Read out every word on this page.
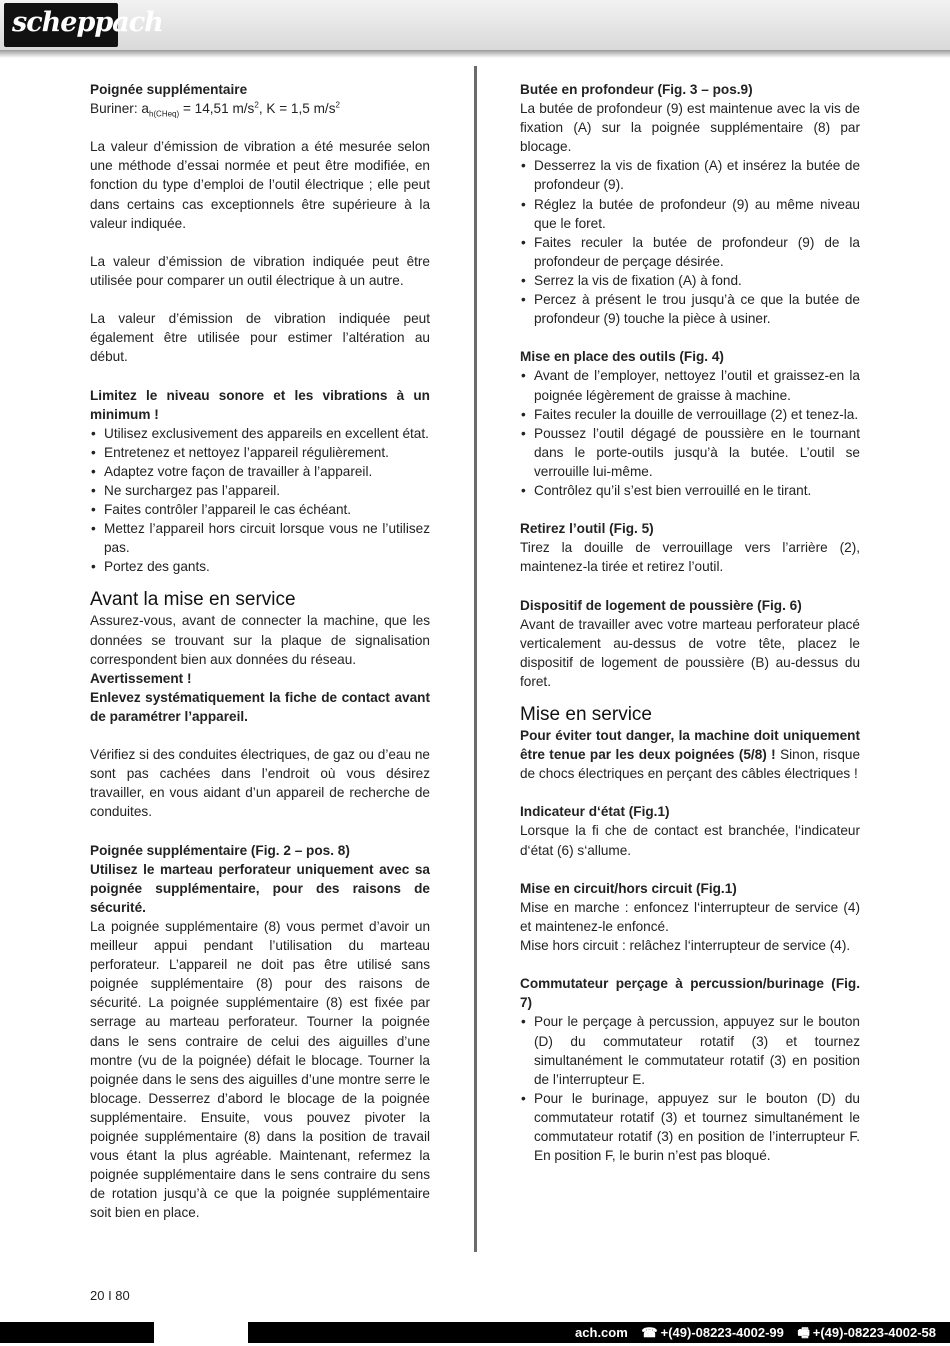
scheppach

Poignée supplémentaire

Buriner: $a_{h(CHeq)} = 14,51$ $m/s^2$, K = 1,5 $m/s^2$

La valeur d’émission de vibration a été mesurée selon une méthode d’essai normée et peut être modifiée, en fonction du type d’emploi de l’outil électrique ; elle peut dans certains cas exceptionnels être supérieure à la valeur indiquée.

La valeur d’émission de vibration indiquée peut être utilisée pour comparer un outil électrique à un autre.

La valeur d’émission de vibration indiquée peut également être utilisée pour estimer l’altération au début.

Limitez le niveau sonore et les vibrations à un minimum !

• Utilisez exclusivement des appareils en excellent état.
• Entretenez et nettoyez l’appareil régulièrement.
• Adaptez votre façon de travailler à l’appareil.
• Ne surchargez pas l’appareil.
• Faites contrôler l’appareil le cas échéant.
• Mettez l’appareil hors circuit lorsque vous ne l’utilisez pas.
• Portez des gants.

Avant la mise en service

Assurez-vous, avant de connecter la machine, que les données se trouvant sur la plaque de signalisation correspondent bien aux données du réseau.

Avertissement !

Enlevez systématiquement la fiche de contact avant de paramétrer l’appareil.

Vérifiez si des conduites électriques, de gaz ou d’eau ne sont pas cachées dans l’endroit où vous désirez travailler, en vous aidant d’un appareil de recherche de conduites.

Poignée supplémentaire (Fig. 2 – pos. 8)

Utilisez le marteau perforateur uniquement avec sa poignée supplémentaire, pour des raisons de sécurité.

La poignée supplémentaire (8) vous permet d’avoir un meilleur appui pendant l’utilisation du marteau perforateur. L’appareil ne doit pas être utilisé sans poignée supplémentaire (8) pour des raisons de sécurité. La poignée supplémentaire (8) est fixée par serrage au marteau perforateur. Tourner la poignée dans le sens contraire de celui des aiguilles d’une montre (vu de la poignée) défait le blocage. Tourner la poignée dans le sens des aiguilles d’une montre serre le blocage. Desserrez d’abord le blocage de la poignée supplémentaire. Ensuite, vous pouvez pivoter la poignée supplémentaire (8) dans la position de travail vous étant la plus agréable. Maintenant, refermez la poignée supplémentaire dans le sens contraire du sens de rotation jusqu’à ce que la poignée supplémentaire soit bien en place.

Butée en profondeur (Fig. 3 – pos.9)

La butée de profondeur (9) est maintenue avec la vis de fixation (A) sur la poignée supplémentaire (8) par blocage.

• Desserrez la vis de fixation (A) et insérez la butée de profondeur (9).
• Réglez la butée de profondeur (9) au même niveau que le foret.
• Faites reculer la butée de profondeur (9) de la profondeur de perçage désirée.
• Serrez la vis de fixation (A) à fond.
• Percez à présent le trou jusqu’à ce que la butée de profondeur (9) touche la pièce à usiner.

Mise en place des outils (Fig. 4)

• Avant de l’employer, nettoyez l’outil et graissez-en la poignée légèrement de graisse à machine.
• Faites reculer la douille de verrouillage (2) et tenez-la.
• Poussez l’outil dégagé de poussière en le tournant dans le porte-outils jusqu’à la butée. L’outil se verrouille lui-même.
• Contrôlez qu’il s’est bien verrouillé en le tirant.

Retirez l’outil (Fig. 5)

Tirez la douille de verrouillage vers l’arrière (2), maintenez-la tirée et retirez l’outil.

Dispositif de logement de poussière (Fig. 6)

Avant de travailler avec votre marteau perforateur placé verticalement au-dessus de votre tête, placez le dispositif de logement de poussière (B) au-dessus du foret.

Mise en service

Pour éviter tout danger, la machine doit uniquement être tenue par les deux poignées (5/8) ! Sinon, risque de chocs électriques en perçant des câbles électriques !

Indicateur d‘état (Fig.1)

Lorsque la fi che de contact est branchée, l‘indicateur d‘état (6) s‘allume.

Mise en circuit/hors circuit (Fig.1)

Mise en marche : enfoncez l‘interrupteur de service (4) et maintenez-le enfoncé.

Mise hors circuit : relâchez l‘interrupteur de service (4).

Commutateur perçage à percussion/burinage (Fig. 7)

• Pour le perçage à percussion, appuyez sur le bouton (D) du commutateur rotatif (3) et tournez simultanément le commutateur rotatif (3) en position de l’interrupteur E.
• Pour le burinage, appuyez sur le bouton (D) du commutateur rotatif (3) et tournez simultanément le commutateur rotatif (3) en position de l’interrupteur F. En position F, le burin n’est pas bloqué.
20 I 80
ach.com ☎ +(49)-08223-4002-99 🖷 +(49)-08223-4002-58
